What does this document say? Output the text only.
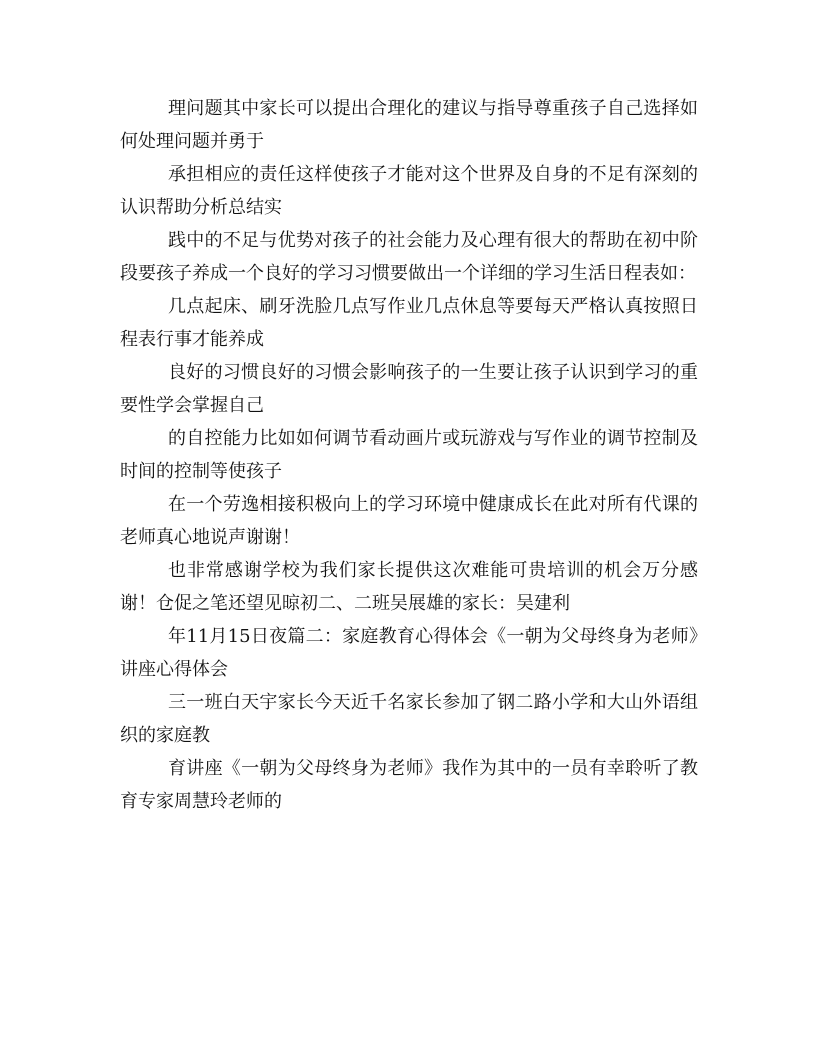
理问题其中家长可以提出合理化的建议与指导尊重孩子自己选择如何处理问题并勇于

承担相应的责任这样使孩子才能对这个世界及自身的不足有深刻的认识帮助分析总结实

践中的不足与优势对孩子的社会能力及心理有很大的帮助在初中阶段要孩子养成一个良好的学习习惯要做出一个详细的学习生活日程表如：

几点起床、刷牙洗脸几点写作业几点休息等要每天严格认真按照日程表行事才能养成

良好的习惯良好的习惯会影响孩子的一生要让孩子认识到学习的重要性学会掌握自己

的自控能力比如如何调节看动画片或玩游戏与写作业的调节控制及时间的控制等使孩子

在一个劳逸相接积极向上的学习环境中健康成长在此对所有代课的老师真心地说声谢谢！

也非常感谢学校为我们家长提供这次难能可贵培训的机会万分感谢！仓促之笔还望见晾初二、二班吴展雄的家长：吴建利

年11月15日夜篇二：家庭教育心得体会《一朝为父母终身为老师》讲座心得体会

三一班白天宇家长今天近千名家长参加了钢二路小学和大山外语组织的家庭教

育讲座《一朝为父母终身为老师》我作为其中的一员有幸聆听了教育专家周慧玲老师的
